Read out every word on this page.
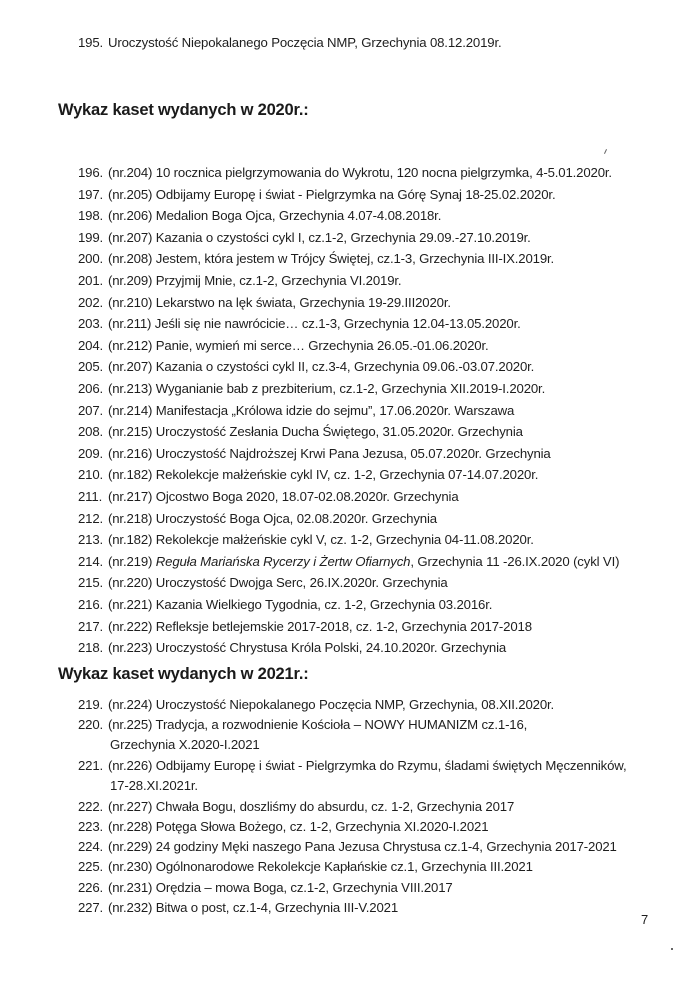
195. Uroczystość Niepokalanego Poczęcia NMP, Grzechynia 08.12.2019r.
Wykaz kaset wydanych w 2020r.:
196. (nr.204) 10 rocznica pielgrzymowania do Wykrotu, 120 nocna pielgrzymka, 4-5.01.2020r.
197. (nr.205) Odbijamy Europę i świat - Pielgrzymka na Górę Synaj 18-25.02.2020r.
198. (nr.206) Medalion Boga Ojca, Grzechynia 4.07-4.08.2018r.
199. (nr.207) Kazania o czystości cykl I, cz.1-2, Grzechynia 29.09.-27.10.2019r.
200. (nr.208) Jestem, która jestem w Trójcy Świętej, cz.1-3, Grzechynia III-IX.2019r.
201. (nr.209) Przyjmij Mnie, cz.1-2, Grzechynia VI.2019r.
202. (nr.210) Lekarstwo na lęk świata, Grzechynia 19-29.III2020r.
203. (nr.211) Jeśli się nie nawrócicie… cz.1-3, Grzechynia 12.04-13.05.2020r.
204. (nr.212) Panie, wymień mi serce… Grzechynia 26.05.-01.06.2020r.
205. (nr.207) Kazania o czystości cykl II, cz.3-4, Grzechynia 09.06.-03.07.2020r.
206. (nr.213) Wyganianie bab z prezbiterium, cz.1-2, Grzechynia XII.2019-I.2020r.
207. (nr.214) Manifestacja „Królowa idzie do sejmu”, 17.06.2020r. Warszawa
208. (nr.215) Uroczystość Zesłania Ducha Świętego, 31.05.2020r. Grzechynia
209. (nr.216) Uroczystość Najdroższej Krwi Pana Jezusa, 05.07.2020r. Grzechynia
210. (nr.182) Rekolekcje małżeńskie cykl IV, cz. 1-2, Grzechynia 07-14.07.2020r.
211. (nr.217) Ojcostwo Boga 2020, 18.07-02.08.2020r. Grzechynia
212. (nr.218) Uroczystość Boga Ojca, 02.08.2020r. Grzechynia
213. (nr.182) Rekolekcje małżeńskie cykl V, cz. 1-2, Grzechynia 04-11.08.2020r.
214. (nr.219) Reguła Mariańska Rycerzy i Żertw Ofiarnych, Grzechynia 11 -26.IX.2020 (cykl VI)
215. (nr.220) Uroczystość Dwojga Serc, 26.IX.2020r. Grzechynia
216. (nr.221) Kazania Wielkiego Tygodnia, cz. 1-2, Grzechynia 03.2016r.
217. (nr.222) Refleksje betlejemskie 2017-2018, cz. 1-2, Grzechynia 2017-2018
218. (nr.223) Uroczystość Chrystusa Króla Polski, 24.10.2020r. Grzechynia
Wykaz kaset wydanych w 2021r.:
219. (nr.224) Uroczystość Niepokalanego Poczęcia NMP, Grzechynia, 08.XII.2020r.
220. (nr.225) Tradycja, a rozwodnienie Kościoła – NOWY HUMANIZM cz.1-16,
Grzechynia X.2020-I.2021
221. (nr.226) Odbijamy Europę i świat - Pielgrzymka do Rzymu, śladami świętych Męczenników,
17-28.XI.2021r.
222. (nr.227) Chwała Bogu, doszliśmy do absurdu, cz. 1-2, Grzechynia 2017
223. (nr.228) Potęga Słowa Bożego, cz. 1-2, Grzechynia XI.2020-I.2021
224. (nr.229) 24 godziny Męki naszego Pana Jezusa Chrystusa cz.1-4, Grzechynia 2017-2021
225. (nr.230) Ogólnonarodowe Rekolekcje Kapłańskie cz.1, Grzechynia III.2021
226. (nr.231) Orędzia – mowa Boga, cz.1-2, Grzechynia VIII.2017
227. (nr.232) Bitwa o post, cz.1-4, Grzechynia III-V.2021
7
